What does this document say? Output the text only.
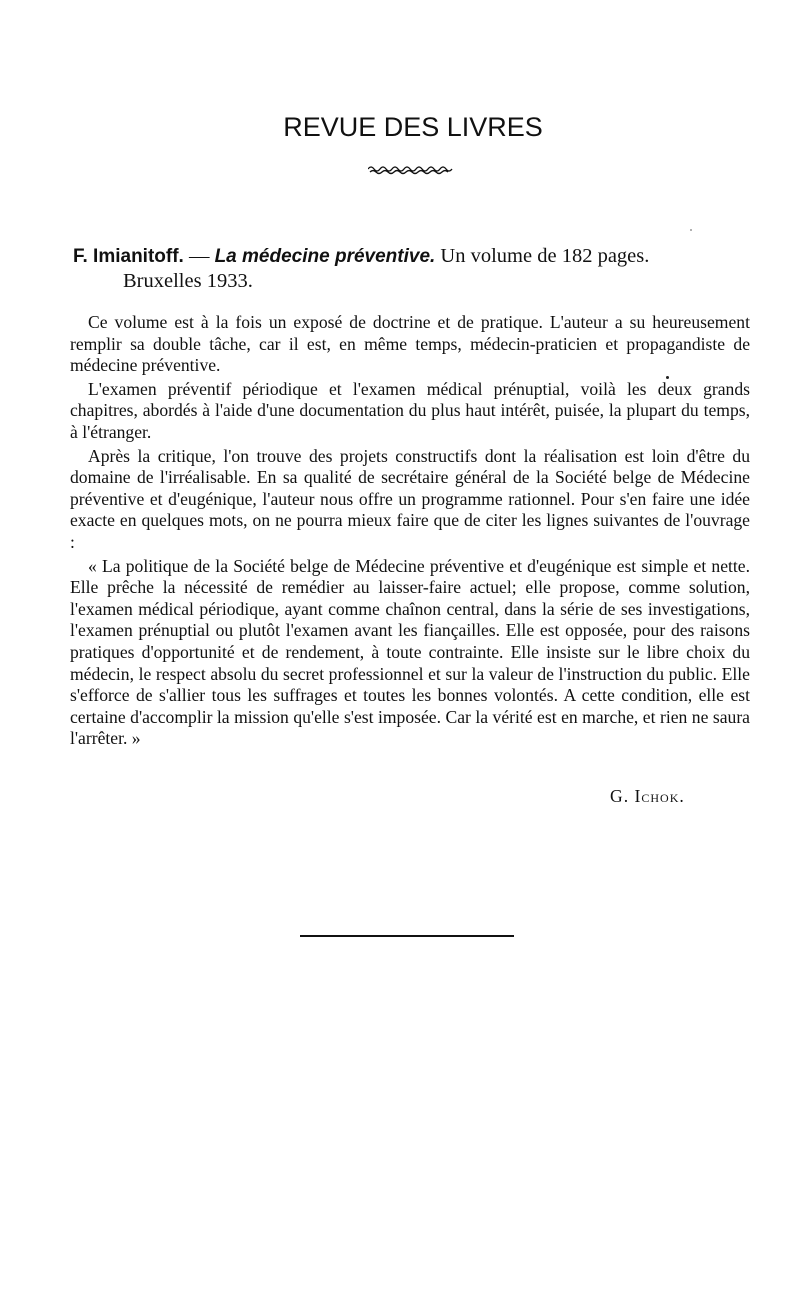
REVUE DES LIVRES
F. Imianitoff. — La médecine préventive. Un volume de 182 pages.
Bruxelles 1933.

Ce volume est à la fois un exposé de doctrine et de pratique. L'auteur a su heureusement remplir sa double tâche, car il est, en même temps, médecin-praticien et propagandiste de médecine préventive.

L'examen préventif périodique et l'examen médical prénuptial, voilà les deux grands chapitres, abordés à l'aide d'une documentation du plus haut intérêt, puisée, la plupart du temps, à l'étranger.

Après la critique, l'on trouve des projets constructifs dont la réalisation est loin d'être du domaine de l'irréalisable. En sa qualité de secrétaire général de la Société belge de Médecine préventive et d'eugénique, l'auteur nous offre un programme rationnel. Pour s'en faire une idée exacte en quelques mots, on ne pourra mieux faire que de citer les lignes suivantes de l'ouvrage :

« La politique de la Société belge de Médecine préventive et d'eugénique est simple et nette. Elle prêche la nécessité de remédier au laisser-faire actuel; elle propose, comme solution, l'examen médical périodique, ayant comme chaînon central, dans la série de ses investigations, l'examen prénuptial ou plutôt l'examen avant les fiançailles. Elle est opposée, pour des raisons pratiques d'opportunité et de rendement, à toute contrainte. Elle insiste sur le libre choix du médecin, le respect absolu du secret professionnel et sur la valeur de l'instruction du public. Elle s'efforce de s'allier tous les suffrages et toutes les bonnes volontés. A cette condition, elle est certaine d'accomplir la mission qu'elle s'est imposée. Car la vérité est en marche, et rien ne saura l'arrêter. »

G. Ichok.
